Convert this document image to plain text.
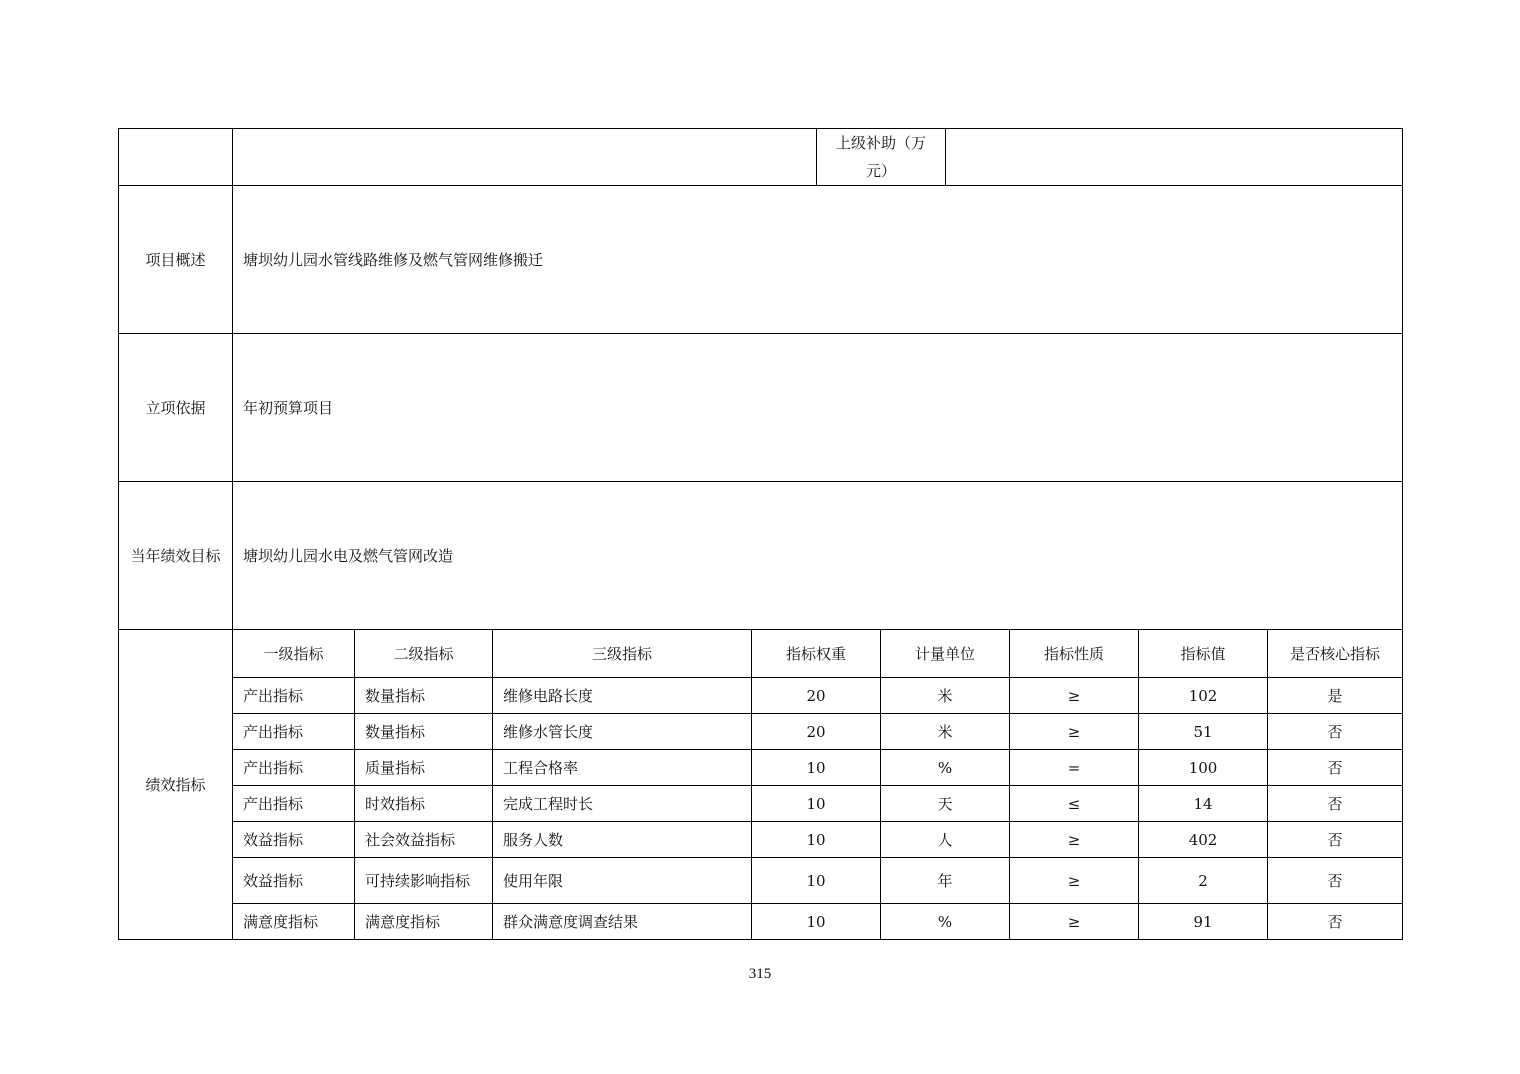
					上级补助（万元）					
项目概述	塘坝幼儿园水管线路维修及燃气管网维修搬迁									
立项依据	年初预算项目									
当年绩效目标	塘坝幼儿园水电及燃气管网改造									
绩效指标	一级指标	二级指标	三级指标	指标权重		计量单位		指标性质	指标值	是否核心指标
	产出指标	数量指标	维修电路长度	20		米		≥	102	是
	产出指标	数量指标	维修水管长度	20		米		≥	51	否
	产出指标	质量指标	工程合格率	10		%		=	100	否
	产出指标	时效指标	完成工程时长	10		天		≤	14	否
	效益指标	社会效益指标	服务人数	10		人		≥	402	否
	效益指标	可持续影响指标	使用年限	10		年		≥	2	否
	满意度指标	满意度指标	群众满意度调查结果	10		%		≥	91	否
315
